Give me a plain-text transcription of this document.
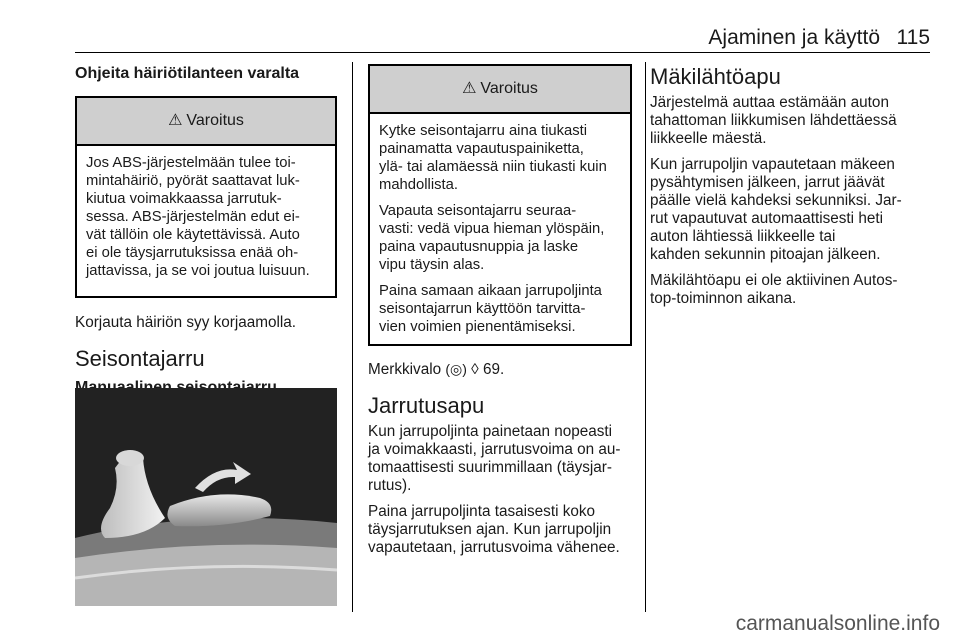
Ajaminen ja käyttö 115
Ohjeita häiriötilanteen varalta
⚠ Varoitus

Jos ABS-järjestelmään tulee toi-
mintahäiriö, pyörät saattavat luk-
kiutua voimakkaassa jarrutuk-
sessa. ABS-järjestelmän edut ei-
vät tällöin ole käytettävissä. Auto
ei ole täysjarrutuksissa enää oh-
jattavissa, ja se voi joutua luisuun.

Korjauta häiriön syy korjaamolla.

Seisontajarru
⚠ Varoitus

Kytke seisontajarru aina tiukasti
painamatta vapautuspainiketta,
ylä- tai alamäessä niin tiukasti kuin
mahdollista.

Vapauta seisontajarru seuraa-
vasti: vedä vipua hieman ylöspäin,
paina vapautusnuppia ja laske
vipu täysin alas.

Paina samaan aikaan jarrupoljinta
seisontajarrun käyttöön tarvitta-
vien voimien pienentämiseksi.

Merkkivalo (◎) ◊ 69.

Jarrutusapu

Kun jarrupoljinta painetaan nopeasti
ja voimakkaasti, jarrutusvoima on au-
tomaattisesti suurimmillaan (täysjar-
rutus).

Paina jarrupoljinta tasaisesti koko
täysjarrutuksen ajan. Kun jarrupoljin
vapautetaan, jarrutusvoima vähenee.

Mäkilähtöapu

Järjestelmä auttaa estämään auton
tahattoman liikkumisen lähdettäessä
liikkeelle mäestä.

Kun jarrupoljin vapautetaan mäkeen
pysähtymisen jälkeen, jarrut jäävät
päälle vielä kahdeksi sekunniksi. Jar-
rut vapautuvat automaattisesti heti
auton lähtiessä liikkeelle tai
kahden sekunnin pitoajan jälkeen.

Mäkilähtöapu ei ole aktiivinen Autos-
top-toiminnon aikana.

carmanualsonline.info
